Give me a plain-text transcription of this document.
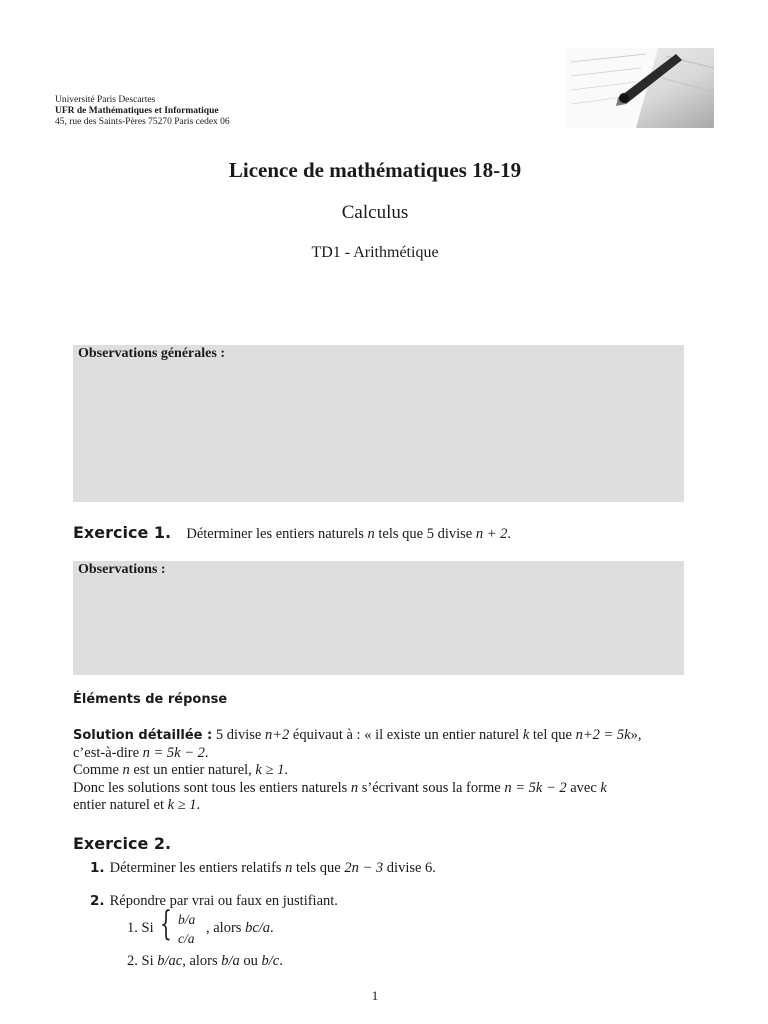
Université Paris Descartes
UFR de Mathématiques et Informatique
45, rue des Saints-Pères 75270 Paris cedex 06
Licence de mathématiques 18-19
Calculus
TD1 - Arithmétique
Observations générales :
Exercice 1. Déterminer les entiers naturels n tels que 5 divise n + 2.
Observations :
Éléments de réponse
Solution détaillée : 5 divise n+2 équivaut à : « il existe un entier naturel k tel que n+2 = 5k»,
c’est-à-dire n = 5k − 2.
Comme n est un entier naturel, k ≥ 1.
Donc les solutions sont tous les entiers naturels n s’écrivant sous la forme n = 5k − 2 avec k
entier naturel et k ≥ 1.
Exercice 2.
1. Déterminer les entiers relatifs n tels que 2n − 3 divise 6.
2. Répondre par vrai ou faux en justifiant.
1. Si { b/a
c/a
, alors bc/a.
2. Si b/ac, alors b/a ou b/c.
1
